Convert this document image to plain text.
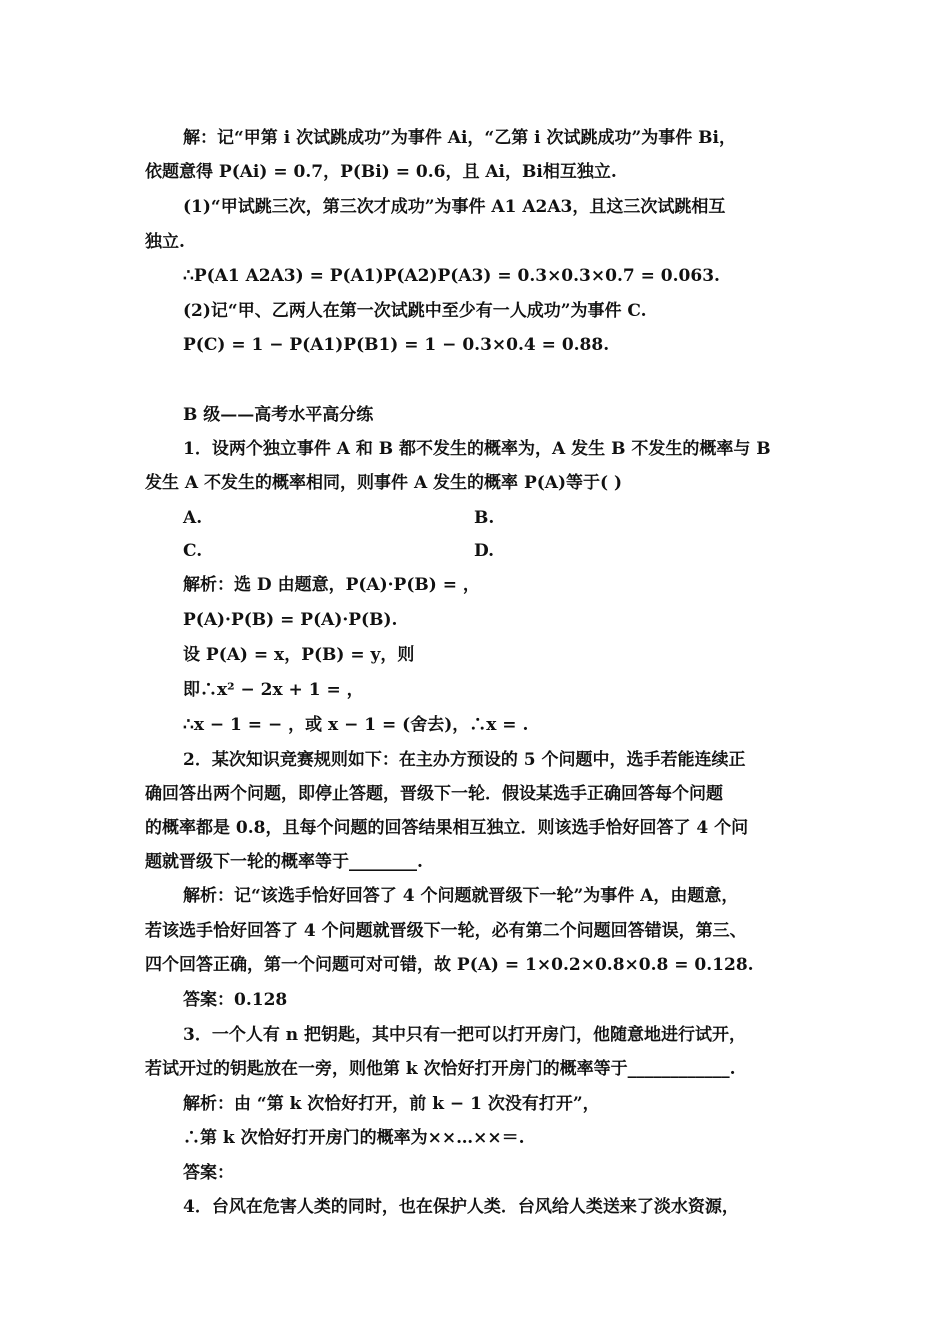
解：记“甲第 i 次试跳成功”为事件 Ai，“乙第 i 次试跳成功”为事件 Bi，
依题意得 P(Ai) = 0.7，P(Bi) = 0.6，且 Ai，Bi相互独立.
(1)“甲试跳三次，第三次才成功”为事件 A1 A2A3，且这三次试跳相互
独立.
∴P(A1 A2A3) = P(A1)P(A2)P(A3) = 0.3×0.3×0.7 = 0.063.
(2)记“甲、乙两人在第一次试跳中至少有一人成功”为事件 C.
P(C) = 1 − P(A1)P(B1) = 1 − 0.3×0.4 = 0.88.
B 级——高考水平高分练
1．设两个独立事件 A 和 B 都不发生的概率为，A 发生 B 不发生的概率与 B
发生 A 不发生的概率相同，则事件 A 发生的概率 P(A)等于( )
A.	B.
C.	D.
解析：选 D 由题意，P(A)·P(B) = ，
P(A)·P(B) = P(A)·P(B).
设 P(A) = x，P(B) = y，则
即∴x² − 2x + 1 = ，
∴x − 1 = − ，或 x − 1 = (舍去)，∴x = .
2．某次知识竞赛规则如下：在主办方预设的 5 个问题中，选手若能连续正
确回答出两个问题，即停止答题，晋级下一轮．假设某选手正确回答每个问题
的概率都是 0.8，且每个问题的回答结果相互独立．则该选手恰好回答了 4 个问
题就晋级下一轮的概率等于________.
解析：记“该选手恰好回答了 4 个问题就晋级下一轮”为事件 A，由题意，
若该选手恰好回答了 4 个问题就晋级下一轮，必有第二个问题回答错误，第三、
四个回答正确，第一个问题可对可错，故 P(A) = 1×0.2×0.8×0.8 = 0.128.
答案：0.128
3．一个人有 n 把钥匙，其中只有一把可以打开房门，他随意地进行试开，
若试开过的钥匙放在一旁，则他第 k 次恰好打开房门的概率等于____________.
解析：由 “第 k 次恰好打开，前 k − 1 次没有打开”，
∴第 k 次恰好打开房门的概率为××…××＝.
答案：
4．台风在危害人类的同时，也在保护人类．台风给人类送来了淡水资源，
